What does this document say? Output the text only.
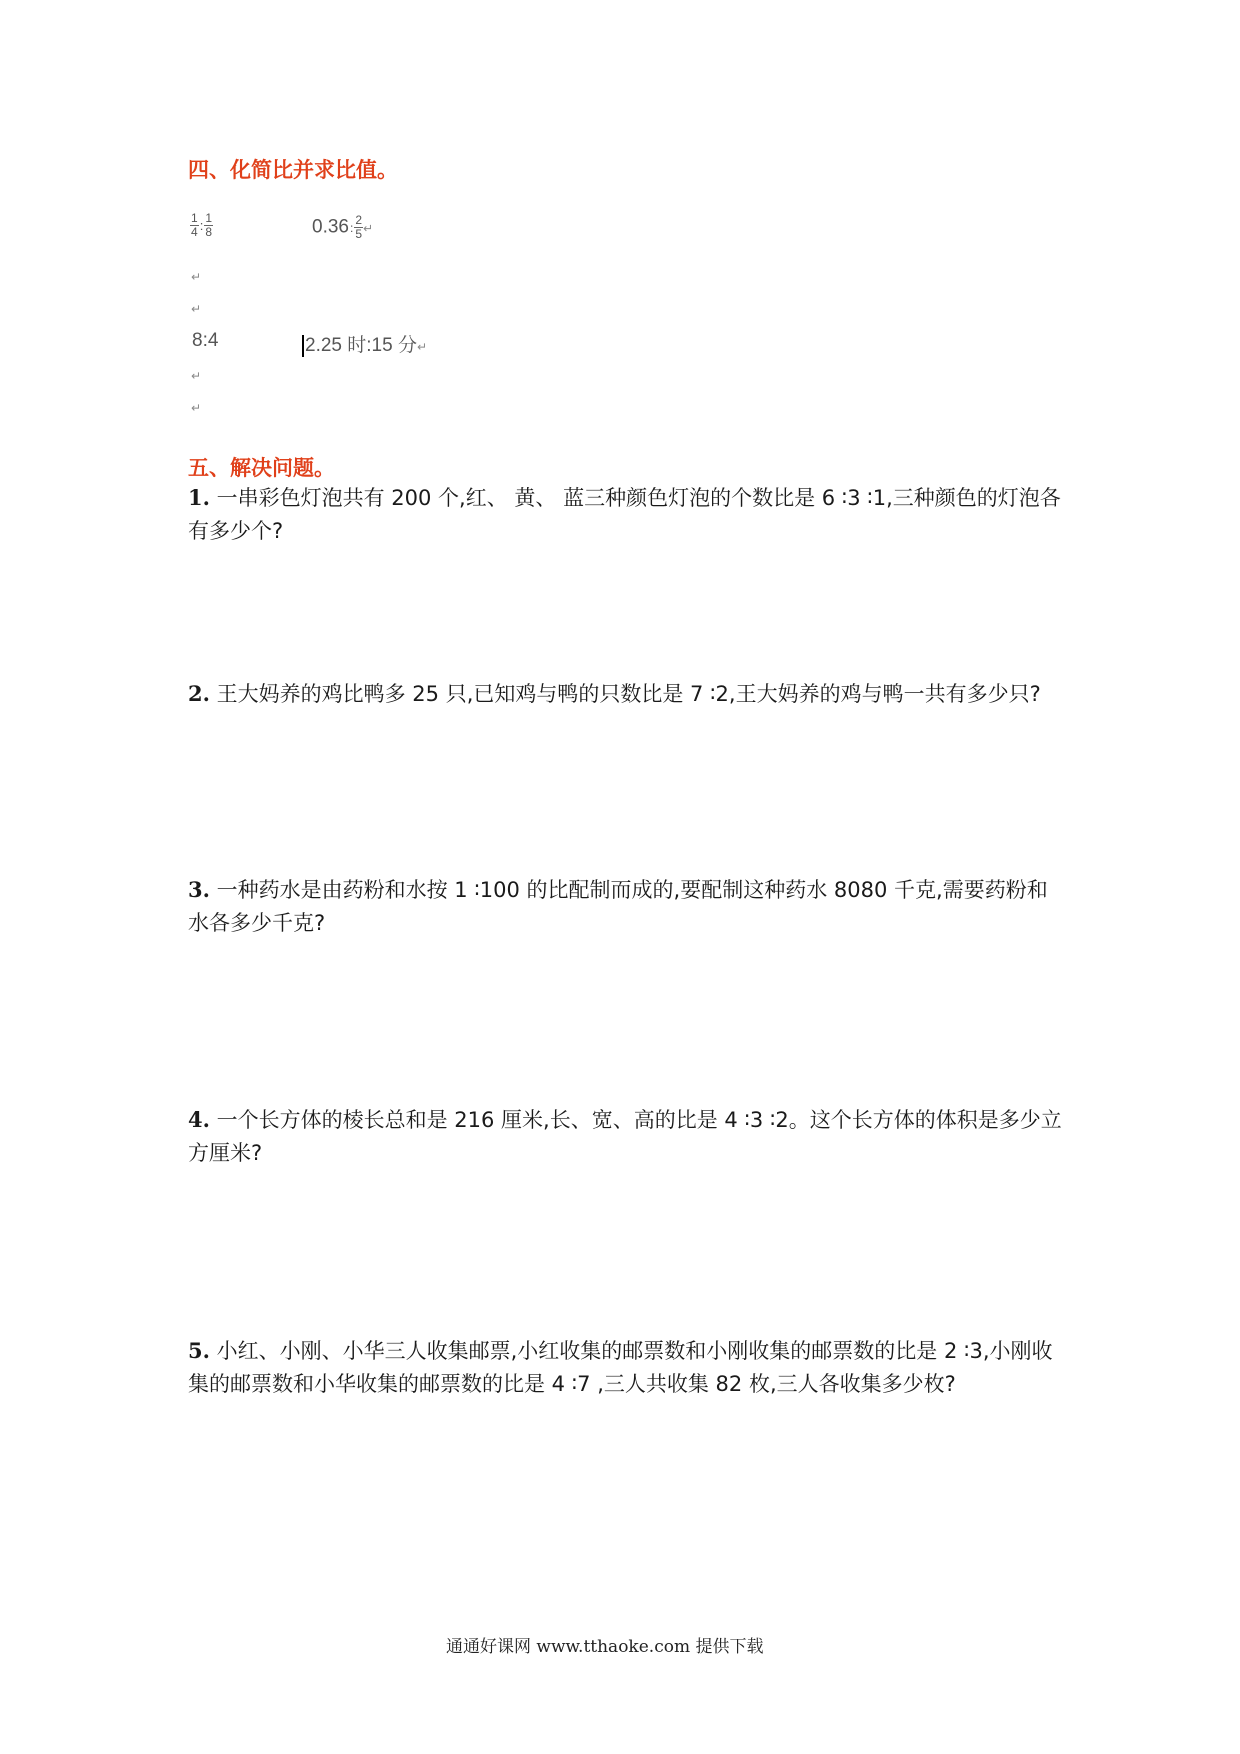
四、化简比并求比值。
$\frac{1}{4}$ : $\frac{1}{8}$	0.36: $\frac{2}{5}$ ↵
↵
↵
8:4	2.25 时:15 分↵
↵
↵
五、解决问题。
1. 一串彩色灯泡共有 200 个,红、 黄、 蓝三种颜色灯泡的个数比是 6 ∶3 ∶1,三种颜色的灯泡各有多少个?
2. 王大妈养的鸡比鸭多 25 只,已知鸡与鸭的只数比是 7 ∶2,王大妈养的鸡与鸭一共有多少只?
3. 一种药水是由药粉和水按 1 ∶100 的比配制而成的,要配制这种药水 8080 千克,需要药粉和水各多少千克?
4. 一个长方体的棱长总和是 216 厘米,长、宽、高的比是 4 ∶3 ∶2。这个长方体的体积是多少立方厘米?
5. 小红、小刚、小华三人收集邮票,小红收集的邮票数和小刚收集的邮票数的比是 2 ∶3,小刚收集的邮票数和小华收集的邮票数的比是 4 ∶7 ,三人共收集 82 枚,三人各收集多少枚?
通通好课网 www.tthaoke.com 提供下载
